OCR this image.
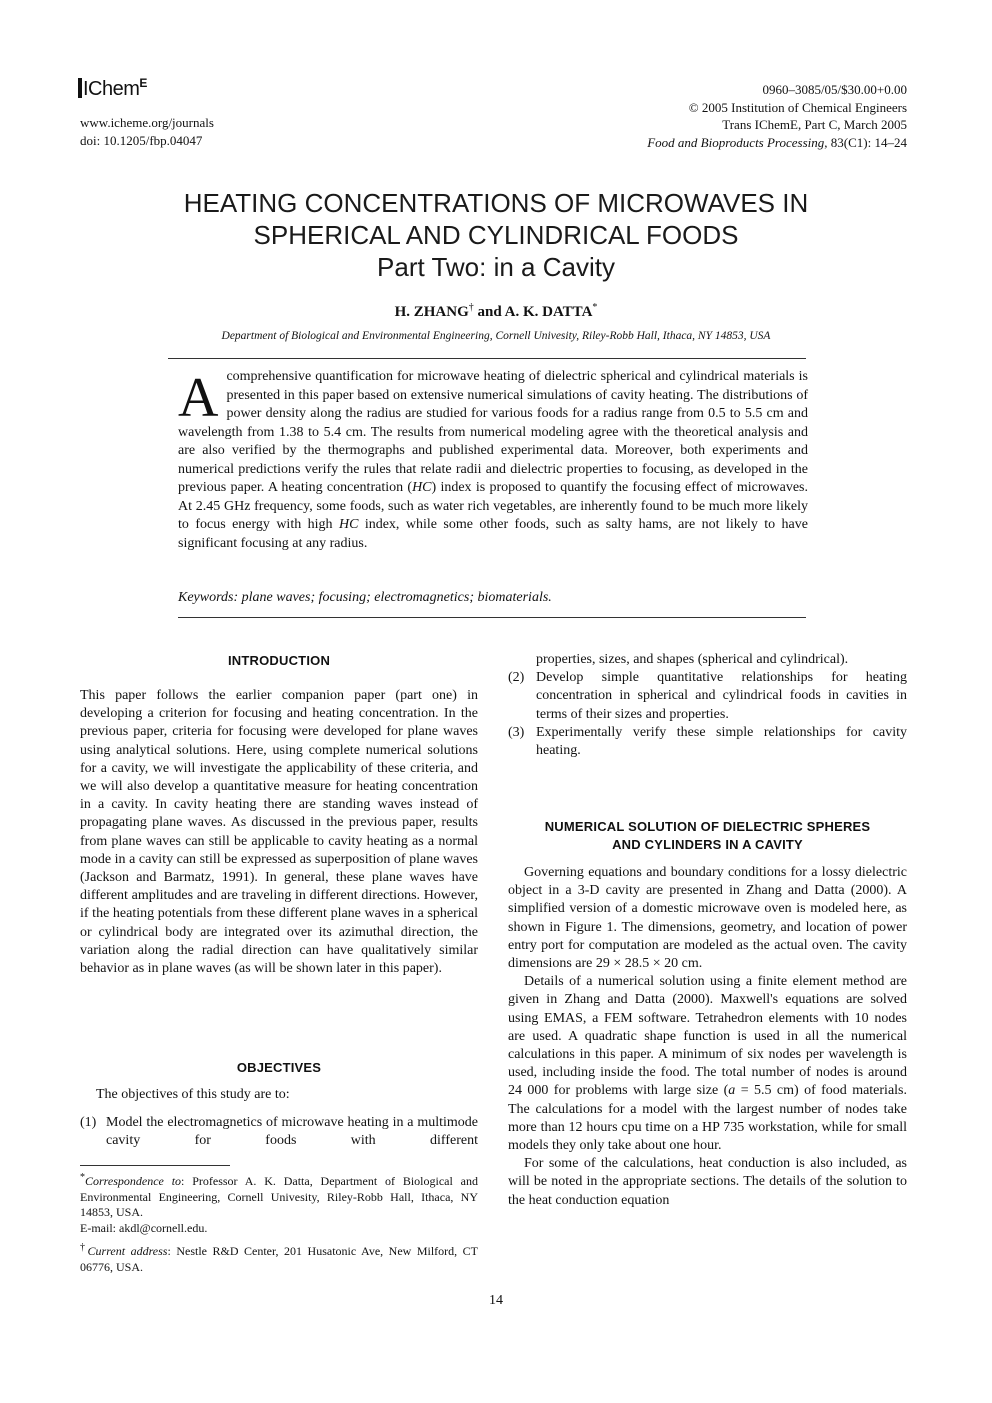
IChem$^E$
www.icheme.org/journals
doi: 10.1205/fbp.04047
0960–3085/05/$30.00+0.00
© 2005 Institution of Chemical Engineers
Trans IChemE, Part C, March 2005
Food and Bioproducts Processing, 83(C1): 14–24
HEATING CONCENTRATIONS OF MICROWAVES IN
SPHERICAL AND CYLINDRICAL FOODS
Part Two: in a Cavity
H. ZHANG† and A. K. DATTA*
Department of Biological and Environmental Engineering, Cornell Univesity, Riley-Robb Hall, Ithaca, NY 14853, USA
Acomprehensive quantification for microwave heating of dielectric spherical and cylindrical materials is presented in this paper based on extensive numerical simulations of cavity heating. The distributions of power density along the radius are studied for various foods for a radius range from 0.5 to 5.5 cm and wavelength from 1.38 to 5.4 cm. The results from numerical modeling agree with the theoretical analysis and are also verified by the thermographs and published experimental data. Moreover, both experiments and numerical predictions verify the rules that relate radii and dielectric properties to focusing, as developed in the previous paper. A heating concentration (HC) index is proposed to quantify the focusing effect of microwaves. At 2.45 GHz frequency, some foods, such as water rich vegetables, are inherently found to be much more likely to focus energy with high HC index, while some other foods, such as salty hams, are not likely to have significant focusing at any radius.
Keywords: plane waves; focusing; electromagnetics; biomaterials.
INTRODUCTION

This paper follows the earlier companion paper (part one) in developing a criterion for focusing and heating concentration. In the previous paper, criteria for focusing were developed for plane waves using analytical solutions. Here, using complete numerical solutions for a cavity, we will investigate the applicability of these criteria, and we will also develop a quantitative measure for heating concentration in a cavity. In cavity heating there are standing waves instead of propagating plane waves. As discussed in the previous paper, results from plane waves can still be applicable to cavity heating as a normal mode in a cavity can still be expressed as superposition of plane waves (Jackson and Barmatz, 1991). In general, these plane waves have different amplitudes and are traveling in different directions. However, if the heating potentials from these different plane waves in a spherical or cylindrical body are integrated over its azimuthal direction, the variation along the radial direction can have qualitatively similar behavior as in plane waves (as will be shown later in this paper).

OBJECTIVES
The objectives of this study are to:
(1) Model the electromagnetics of microwave heating in a multimode cavity for foods with different
*Correspondence to: Professor A. K. Datta, Department of Biological and Environmental Engineering, Cornell Univesity, Riley-Robb Hall, Ithaca, NY 14853, USA.
E-mail: akdl@cornell.edu.
†Current address: Nestle R&D Center, 201 Husatonic Ave, New Milford, CT 06776, USA.
properties, sizes, and shapes (spherical and cylindrical).
(2) Develop simple quantitative relationships for heating concentration in spherical and cylindrical foods in cavities in terms of their sizes and properties.
(3) Experimentally verify these simple relationships for cavity heating.
NUMERICAL SOLUTION OF DIELECTRIC SPHERES
AND CYLINDERS IN A CAVITY

Governing equations and boundary conditions for a lossy dielectric object in a 3-D cavity are presented in Zhang and Datta (2000). A simplified version of a domestic microwave oven is modeled here, as shown in Figure 1. The dimensions, geometry, and location of power entry port for computation are modeled as the actual oven. The cavity dimensions are 29 × 28.5 × 20 cm.

Details of a numerical solution using a finite element method are given in Zhang and Datta (2000). Maxwell's equations are solved using EMAS, a FEM software. Tetrahedron elements with 10 nodes are used. A quadratic shape function is used in all the numerical calculations in this paper. A minimum of six nodes per wavelength is used, including inside the food. The total number of nodes is around 24 000 for problems with large size (a = 5.5 cm) of food materials. The calculations for a model with the largest number of nodes take more than 12 hours cpu time on a HP 735 workstation, while for small models they only take about one hour.

For some of the calculations, heat conduction is also included, as will be noted in the appropriate sections. The details of the solution to the heat conduction equation

14
